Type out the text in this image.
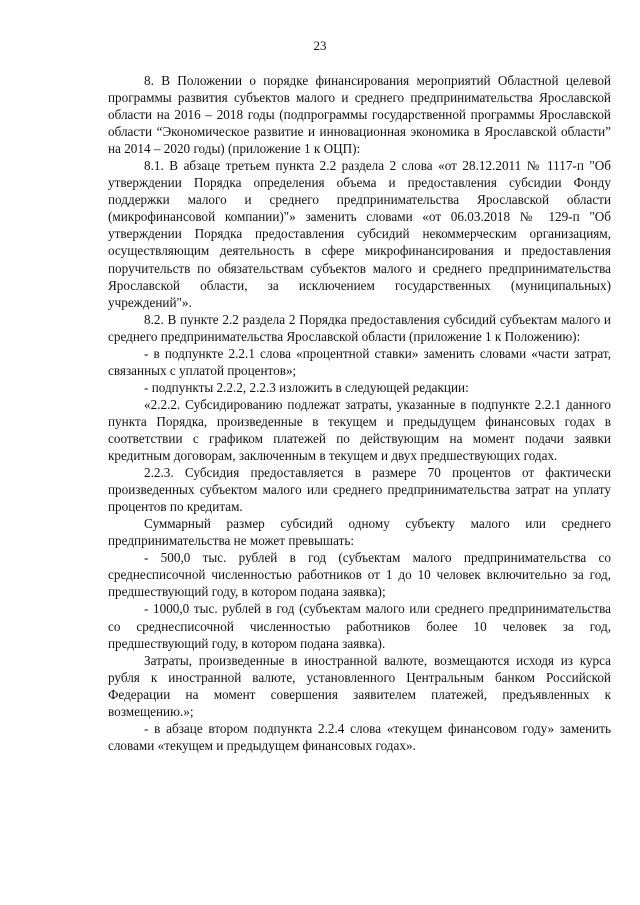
23

8. В Положении о порядке финансирования мероприятий Областной целевой программы развития субъектов малого и среднего предпринимательства Ярославской области на 2016 – 2018 годы (подпрограммы государственной программы Ярославской области “Экономическое развитие и инновационная экономика в Ярославской области” на 2014 – 2020 годы) (приложение 1 к ОЦП):

8.1. В абзаце третьем пункта 2.2 раздела 2 слова «от 28.12.2011 № 1117-п "Об утверждении Порядка определения объема и предоставления субсидии Фонду поддержки малого и среднего предпринимательства Ярославской области (микрофинансовой компании)"» заменить словами «от 06.03.2018 № 129-п "Об утверждении Порядка предоставления субсидий некоммерческим организациям, осуществляющим деятельность в сфере микрофинансирования и предоставления поручительств по обязательствам субъектов малого и среднего предпринимательства Ярославской области, за исключением государственных (муниципальных) учреждений"».

8.2. В пункте 2.2 раздела 2 Порядка предоставления субсидий субъектам малого и среднего предпринимательства Ярославской области (приложение 1 к Положению):

- в подпункте 2.2.1 слова «процентной ставки» заменить словами «части затрат, связанных с уплатой процентов»;

- подпункты 2.2.2, 2.2.3 изложить в следующей редакции:

«2.2.2. Субсидированию подлежат затраты, указанные в подпункте 2.2.1 данного пункта Порядка, произведенные в текущем и предыдущем финансовых годах в соответствии с графиком платежей по действующим на момент подачи заявки кредитным договорам, заключенным в текущем и двух предшествующих годах.

2.2.3. Субсидия предоставляется в размере 70 процентов от фактически произведенных субъектом малого или среднего предпринимательства затрат на уплату процентов по кредитам.

Суммарный размер субсидий одному субъекту малого или среднего предпринимательства не может превышать:

- 500,0 тыс. рублей в год (субъектам малого предпринимательства со среднесписочной численностью работников от 1 до 10 человек включительно за год, предшествующий году, в котором подана заявка);

- 1000,0 тыс. рублей в год (субъектам малого или среднего предпринимательства со среднесписочной численностью работников более 10 человек за год, предшествующий году, в котором подана заявка).

Затраты, произведенные в иностранной валюте, возмещаются исходя из курса рубля к иностранной валюте, установленного Центральным банком Российской Федерации на момент совершения заявителем платежей, предъявленных к возмещению.»;

- в абзаце втором подпункта 2.2.4 слова «текущем финансовом году» заменить словами «текущем и предыдущем финансовых годах».
